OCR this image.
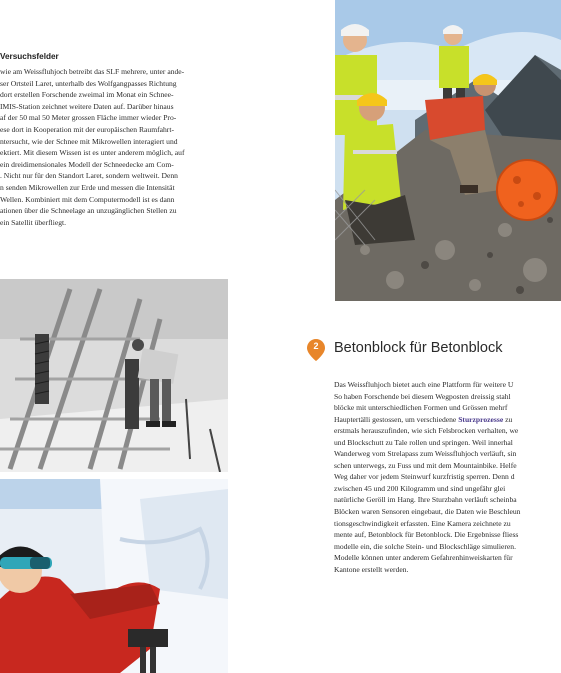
Versuchsfelder
wie am Weissfluhjoch betreibt das SLF mehrere, unter ande-
ser Ortsteil Laret, unterhalb des Wolfgangpasses Richtung
dort erstellen Forschende zweimal im Monat ein Schnee-
IMIS-Station zeichnet weitere Daten auf. Darüber hinaus
af der 50 mal 50 Meter grossen Fläche immer wieder Pro-
ese dort in Kooperation mit der europäischen Raumfahrt-
ntersucht, wie der Schnee mit Mikrowellen interagiert und
ektiert. Mit diesem Wissen ist es unter anderem möglich, auf
ein dreidimensionales Modell der Schneedecke am Com-
. Nicht nur für den Standort Laret, sondern weltweit. Denn
n senden Mikrowellen zur Erde und messen die Intensität
Wellen. Kombiniert mit dem Computermodell ist es dann
ationen über die Schneelage an unzugänglichen Stellen zu
ein Satellit überfliegt.
2	Betonblock für Betonblock
Das Weissfluhjoch bietet auch eine Plattform für weitere U
So haben Forschende bei diesem Wegposten dreissig stahl
blöcke mit unterschiedlichen Formen und Grössen mehrf
Hauptertälli gestossen, um verschiedene Sturzprozesse zu
erstmals herauszufinden, wie sich Felsbrocken verhalten, we
und Blockschutt zu Tale rollen und springen. Weil innerhal
Wanderweg vom Strelapass zum Weissfluhjoch verläuft, sin
schen unterwegs, zu Fuss und mit dem Mountainbike. Helfe
Weg daher vor jedem Steinwurf kurzfristig sperren. Denn d
zwischen 45 und 200 Kilogramm und sind ungefähr glei
natürliche Geröll im Hang. Ihre Sturzbahn verläuft scheinba
Blöcken waren Sensoren eingebaut, die Daten wie Beschleun
tionsgeschwindigkeit erfassten. Eine Kamera zeichnete zu
mente auf, Betonblock für Betonblock. Die Ergebnisse fliess
modelle ein, die solche Stein- und Blockschläge simulieren.
Modelle können unter anderem Gefahrenhinweiskarten für
Kantone erstellt werden.
